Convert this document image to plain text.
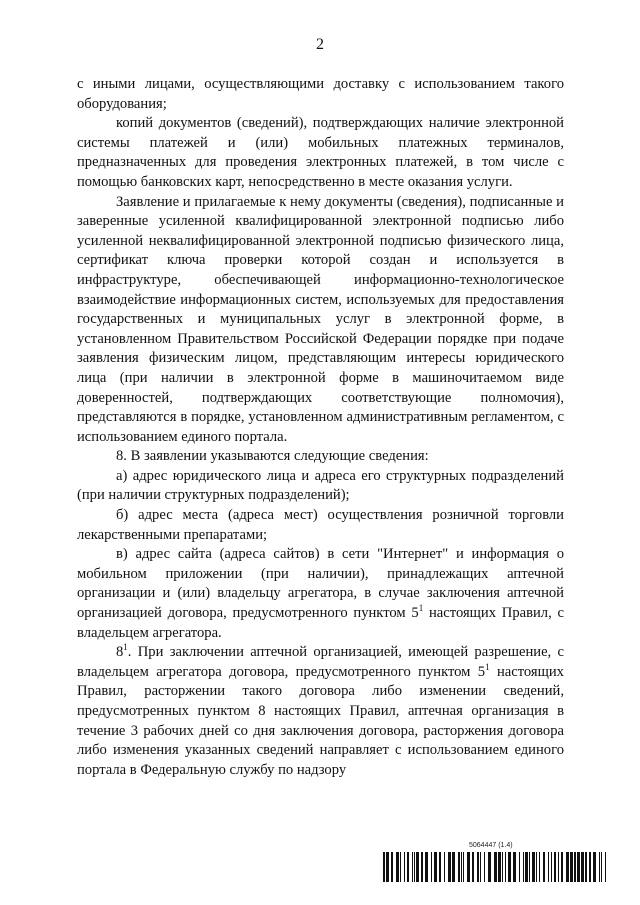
2

с иными лицами, осуществляющими доставку с использованием такого оборудования;

копий документов (сведений), подтверждающих наличие электронной системы платежей и (или) мобильных платежных терминалов, предназначенных для проведения электронных платежей, в том числе с помощью банковских карт, непосредственно в месте оказания услуги.

Заявление и прилагаемые к нему документы (сведения), подписанные и заверенные усиленной квалифицированной электронной подписью либо усиленной неквалифицированной электронной подписью физического лица, сертификат ключа проверки которой создан и используется в инфраструктуре, обеспечивающей информационно-технологическое взаимодействие информационных систем, используемых для предоставления государственных и муниципальных услуг в электронной форме, в установленном Правительством Российской Федерации порядке при подаче заявления физическим лицом, представляющим интересы юридического лица (при наличии в электронной форме в машиночитаемом виде доверенностей, подтверждающих соответствующие полномочия), представляются в порядке, установленном административным регламентом, с использованием единого портала.

8. В заявлении указываются следующие сведения:

а) адрес юридического лица и адреса его структурных подразделений (при наличии структурных подразделений);

б) адрес места (адреса мест) осуществления розничной торговли лекарственными препаратами;

в) адрес сайта (адреса сайтов) в сети "Интернет" и информация о мобильном приложении (при наличии), принадлежащих аптечной организации и (или) владельцу агрегатора, в случае заключения аптечной организацией договора, предусмотренного пунктом $5^1$ настоящих Правил, с владельцем агрегатора.

$8^1$. При заключении аптечной организацией, имеющей разрешение, с владельцем агрегатора договора, предусмотренного пунктом $5^1$ настоящих Правил, расторжении такого договора либо изменении сведений, предусмотренных пунктом 8 настоящих Правил, аптечная организация в течение 3 рабочих дней со дня заключения договора, расторжения договора либо изменения указанных сведений направляет с использованием единого портала в Федеральную службу по надзору

5064447 (1.4)
